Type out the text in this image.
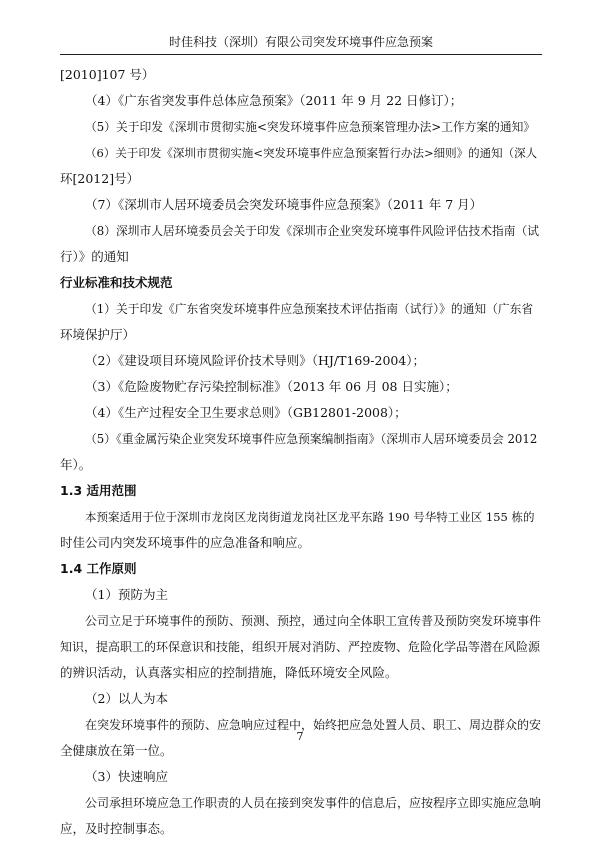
时佳科技（深圳）有限公司突发环境事件应急预案
[2010]107 号）
（4）《广东省突发事件总体应急预案》（2011 年 9 月 22 日修订）；
（5）关于印发《深圳市贯彻实施<突发环境事件应急预案管理办法>工作方案的通知》
（6）关于印发《深圳市贯彻实施<突发环境事件应急预案暂行办法>细则》的通知（深人
环[2012]号）
（7）《深圳市人居环境委员会突发环境事件应急预案》（2011 年 7 月）
（8）深圳市人居环境委员会关于印发《深圳市企业突发环境事件风险评估技术指南（试
行）》的通知
行业标准和技术规范
（1）关于印发《广东省突发环境事件应急预案技术评估指南（试行）》的通知（广东省
环境保护厅）
（2）《建设项目环境风险评价技术导则》（HJ/T169-2004）；
（3）《危险废物贮存污染控制标准》（2013 年 06 月 08 日实施）；
（4）《生产过程安全卫生要求总则》（GB12801-2008）；
（5）《重金属污染企业突发环境事件应急预案编制指南》（深圳市人居环境委员会 2012
年）。
1.3 适用范围
本预案适用于位于深圳市龙岗区龙岗街道龙岗社区龙平东路 190 号华特工业区 155 栋的
时佳公司内突发环境事件的应急准备和响应。
1.4 工作原则
（1）预防为主
公司立足于环境事件的预防、预测、预控，通过向全体职工宣传普及预防突发环境事件
知识，提高职工的环保意识和技能，组织开展对消防、严控废物、危险化学品等潜在风险源
的辨识活动，认真落实相应的控制措施，降低环境安全风险。
（2）以人为本
在突发环境事件的预防、应急响应过程中，始终把应急处置人员、职工、周边群众的安
全健康放在第一位。
（3）快速响应
公司承担环境应急工作职责的人员在接到突发事件的信息后，应按程序立即实施应急响
应，及时控制事态。
7
